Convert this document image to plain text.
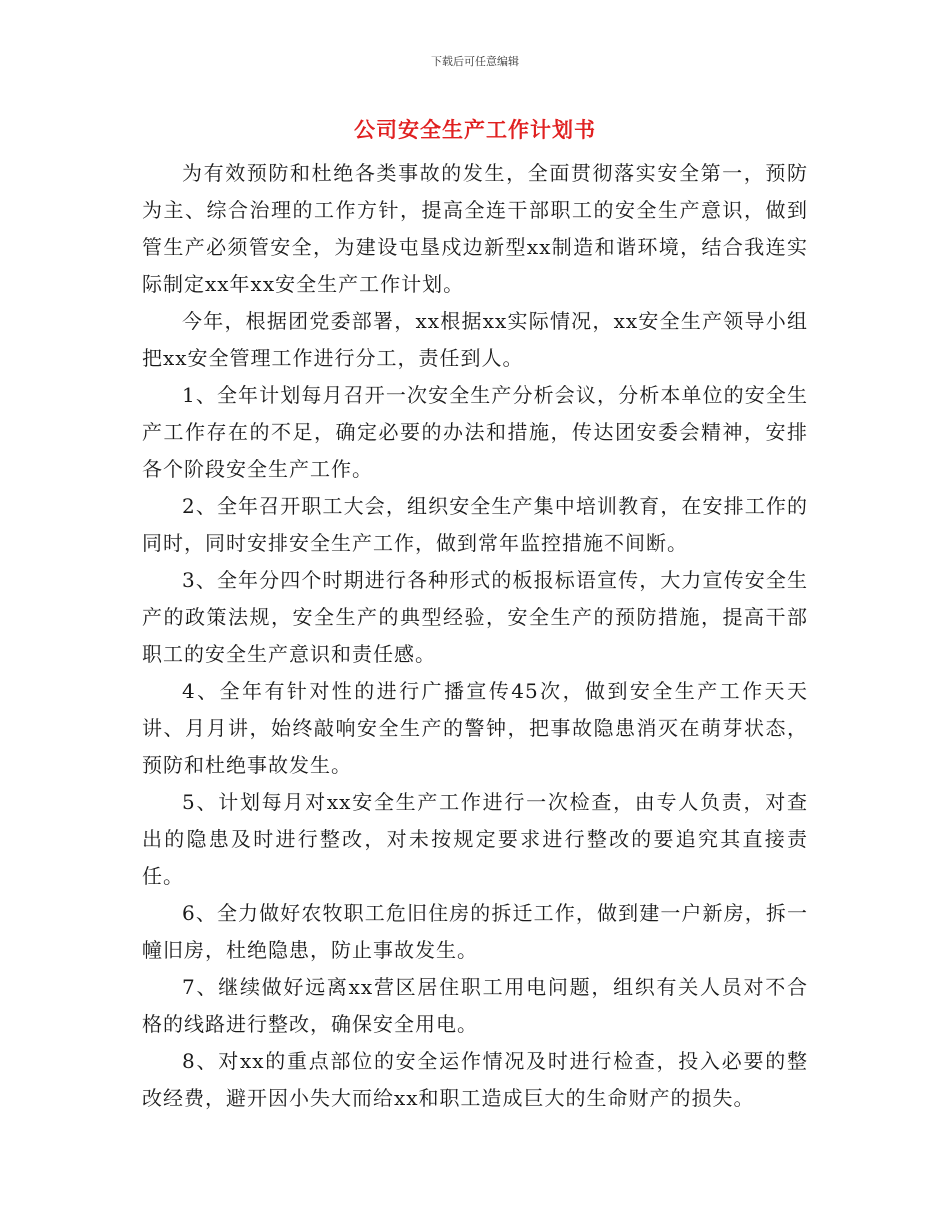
下载后可任意编辑
公司安全生产工作计划书

为有效预防和杜绝各类事故的发生，全面贯彻落实安全第一，预防为主、综合治理的工作方针，提高全连干部职工的安全生产意识，做到管生产必须管安全，为建设屯垦戍边新型xx制造和谐环境，结合我连实际制定xx年xx安全生产工作计划。

今年，根据团党委部署，xx根据xx实际情况，xx安全生产领导小组把xx安全管理工作进行分工，责任到人。

1、全年计划每月召开一次安全生产分析会议，分析本单位的安全生产工作存在的不足，确定必要的办法和措施，传达团安委会精神，安排各个阶段安全生产工作。

2、全年召开职工大会，组织安全生产集中培训教育，在安排工作的同时，同时安排安全生产工作，做到常年监控措施不间断。

3、全年分四个时期进行各种形式的板报标语宣传，大力宣传安全生产的政策法规，安全生产的典型经验，安全生产的预防措施，提高干部职工的安全生产意识和责任感。

4、全年有针对性的进行广播宣传45次，做到安全生产工作天天讲、月月讲，始终敲响安全生产的警钟，把事故隐患消灭在萌芽状态，预防和杜绝事故发生。

5、计划每月对xx安全生产工作进行一次检查，由专人负责，对查出的隐患及时进行整改，对未按规定要求进行整改的要追究其直接责任。

6、全力做好农牧职工危旧住房的拆迁工作，做到建一户新房，拆一幢旧房，杜绝隐患，防止事故发生。

7、继续做好远离xx营区居住职工用电问题，组织有关人员对不合格的线路进行整改，确保安全用电。

8、对xx的重点部位的安全运作情况及时进行检查，投入必要的整改经费，避开因小失大而给xx和职工造成巨大的生命财产的损失。
